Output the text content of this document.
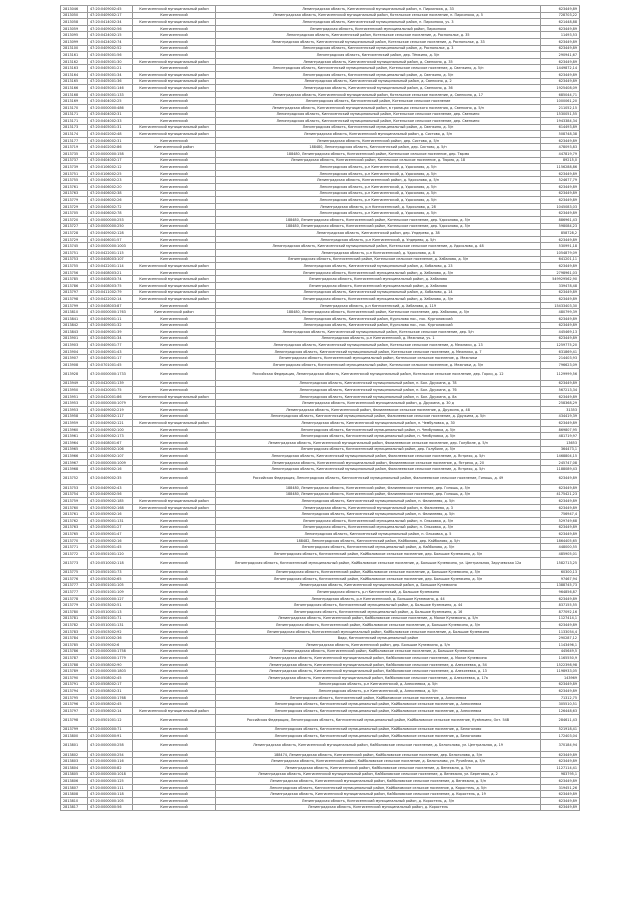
2813046	47:20:0409002:45	Кингисеппский муниципальный район	Ленинградская область, Кингисеппский муниципальный район, п. Пиркиноха, д. 33	623449,89
2813050	47:20:0409002:17	Кингисеппский	Ленинградская область, Кингисеппский муниципальный район, Котельское сельское поселение, п. Пиркиноха, д. 5	728703,22
2813058	47:20:0414002:34	Кингисеппский муниципальный район	Ленинградская область, Кингисеппский муниципальный район, п. Пиркиноха, уч. 3	621448,88
2813059	47:20:0409002:56	Кингисеппский	Ленинградская область, Кингисеппский муниципальный район, Пиркиноха	623449,89
2813095	47:20:0424002:15	Кингисеппский	Ленинградская область, Кингисеппский район, Котельское сельское поселение, д. Раснополье, д. 35	11493,53
2813099	47:20:0424002:74	Кингисеппский	Ленинградская область, Кингисеппский муниципальный район, Котельское сельское поселение, д. Раснополье, д. 33	623449,89
2813100	47:20:0409002:52	Кингисеппский	Ленинградская область, Кингисеппский муниципальный район, д. Раснополье, д. 3	623449,89
2813161	47:20:0405001:56	Кингисеппский	Ленинградская область, Кингисеппский район, дер. Тёмкино, д. 5/п	290941,67
2813162	47:20:0405001:30	Кингисеппский муниципальный район	Ленинградская область, Кингисеппский муниципальный район, д. Свенкино, д. 35	623449,89
2813163	47:20:0405001:21	Кингисеппский	Ленинградская область, Кингисеппский муниципальный район, Котельское сельское поселение, д. Свенкино, д. 5/п	1449872,14
2813164	47:20:0405001:34	Кингисеппский муниципальный район	Ленинградская область, Кингисеппский муниципальный район, д. Свенкино, д. 5/п	623449,89
2813165	47:20:0405001:36	Кингисеппский муниципальный район	Ленинградская область, Кингисеппский муниципальный район, д. Свенкино, д. 2	623449,89
2813166	47:20:0405001:146	Кингисеппский муниципальный район	Ленинградская область, Кингисеппский муниципальный район, д. Свенкино, д. 36	1925408,09
2813168	47:20:0405001:133	Кингисеппский	Ленинградская область, Кингисеппский муниципальный район, Котельское сельское поселение, д. Свенкино, д. 17	685044,71
2813169	47:20:0404002:25	Кингисеппский	Ленинградская область, Кингисеппский район, Котельское сельское поселение	1000061,20
2813170	47:20:0000000:486	Кингисеппский	Ленинградская область, Кингисеппский муниципальный район, в границах сельского поселения, д. Свенкино, д. 5/п	211052,15
2813171	47:20:0404002:31	Кингисеппский	Ленинградская область, Кингисеппский муниципальный район, Котельское сельское поселение, дер. Свенкино	1530051,55
2813171	47:20:0404002:33	Кингисеппский	Ленинградская область, Кингисеппский муниципальный район, Котельское сельское поселение, дер. Свенкино	1943384,34
2813173	47:20:0405001:31	Кингисеппский муниципальный район	Ленинградская область, Кингисеппский муниципальный район, д. Свенкино, д. 5/п	614493,89
2813174	47:20:0402002:48	Кингисеппский муниципальный район	Ленинградская область, Кингисеппский муниципальный район, д. Систово, д. 5/п	508748,38
2813177	47:20:0406002:31	Кингисеппский	Ленинградская область, Кингисеппский район, дер. Систово, д. 5/п	623449,89
2813719	47:20:0402002:86	Кингисеппский район	188480, Ленинградская область, Кингисеппский район, дер. Систово, д. 5/п	478093,83
2813735	47:20:0000000:158	Кингисеппский	188480, Ленинградская область, Кингисеппский район, Котельское сельское поселение, дер. Тюрмо	447819,79
2813737	47:20:0404002:17	Кингисеппский	Ленинградская область, Кингисеппский район, Котельское сельское поселение, д. Тюрмо, д. 18	89215,0
2813739	47:20:0106002:12	Кингисеппский	Ленинградская область, р-н Кингисеппский, д. Удосолово, д. 5/п	1156288,86
2813751	47:20:0106002:25	Кингисеппский	Ленинградская область, р-н Кингисеппский, д. Удосолово, д. 5/п	623449,89
2813755	47:20:0406002:23	Кингисеппский	Ленинградская область, Кингисеппский район, д. Удосолово, д. 5/п	524677,79
2813761	47:20:0406002:20	Кингисеппский	Ленинградская область, р-н Кингисеппский, д. Удосолово, д. 5/п	623449,89
2813763	47:20:0406002:38	Кингисеппский	Ленинградская область, р-н Кингисеппский, д. Удосолово, д. 5/п	623449,89
2813779	47:20:0406002:26	Кингисеппский	Ленинградская область, р-н Кингисеппский, д. Удосолово, д. 5/п	623449,89
2813729	47:20:0406002:72	Кингисеппский	Ленинградская область, р-н Кингисеппский, д. Удосолово, д. 28	1045083,03
2813705	47:20:0406002:78	Кингисеппский	Ленинградская область, р-н Кингисеппский, д. Удосолово, д. 5/п	623449,89
2813720	47:20:0000000:253	Кингисеппский	188480, Ленинградская область, Кингисеппский район, Котельское поселение, дер. Удосолово, д. 5/п	886961,43
2813727	47:20:0000000:250	Кингисеппский	188480, Ленинградская область, Кингисеппский район, Котельское поселение, дер. Удосолово, д. 5/п	598084,23
2813728	47:20:0409002:128	Кингисеппский	Ленинградская область, Кингисеппский район, дер. Ундерево, д. 38	858728,2
2813729	47:20:0406001:57	Кингисеппский	Ленинградская область, р-н Кингисеппский, д. Ундерево, д. 5/п	623449,89
2813745	47:20:0000000:1003	Кингисеппский	Ленинградская область, Кингисеппский муниципальный район, Котельское сельское поселение, д. Удосолово, д. 48	530991,18
2813751	47:20:0422001:115	Кингисеппский	Ленинградская область, р-н Кингисеппский, д. Удосолово, д. 8	1054879,09
2813753	47:20:0408003:107	Кингисеппский	Ленинградская область, Кингисеппский район, Котельское сельское поселение, д. Хабалово, д. 5/п	641201,11
2813755	47:20:0422001:114	Кингисеппский муниципальный район	Ленинградская область, Кингисеппский муниципальный район, д. Хабалово, д. 23	623449,89
2813756	47:20:0408003:21	Кингисеппский	Ленинградская область, Кингисеппский муниципальный район, д. Хабалово, д. 5/п	2798961,03
2813785	47:20:0408003:74	Кингисеппский муниципальный район	Ленинградская область, Кингисеппский муниципальный район, д. Хабалово	549929562,90
2813786	47:20:0408003:75	Кингисеппский муниципальный район	Ленинградская область, Кингисеппский муниципальный район, д. Хабалово	339478,48
2813797	47:20:0411002:79	Кингисеппский муниципальный район	Ленинградская область, Кингисеппский муниципальный район, д. Хабалово, д. 14	623449,89
2813798	47:20:0422002:14	Кингисеппский муниципальный район	Ленинградская область, Кингисеппский муниципальный район, д. Хабалово, д. 5/п	623449,89
2813799	47:20:0408003:87	Кингисеппский	Ленинградская область, р-н Кингисеппский, д. Хабалово, д. 119	15433403,30
2813810	47:20:0000000:1763	Кингисеппский район	188480, Ленинградская область, Кингисеппский район, Котельское поселение, дер. Хабалово, д. 5/п	480799,39
2813841	47:20:0409001:11	Кингисеппский	Ленинградская область, Кингисеппский район, Курголово пос., пос. Курголовский	623449,89
2813842	47:20:0409001:32	Кингисеппский	Ленинградская область, Кингисеппский район, Курголово пос., пос. Курголовский	623449,89
2813843	47:20:0409001:39	Кингисеппский	Ленинградская область, Кингисеппский муниципальный район, Котельское сельское поселение, дер. 5/п	445469,13
2813901	47:20:0409001:34	Кингисеппский	Ленинградская область, р-н Кингисеппский, д. Межники, уч. 1	623449,89
2813903	47:20:0409001:77	Кингисеппский	Ленинградская область, Кингисеппский муниципальный район, Котельское сельское поселение, д. Межники, д. 13	1259775,20
2813904	47:20:0409001:43	Кингисеппский	Ленинградская область, Кингисеппский муниципальный район, Котельское сельское поселение, д. Межники, д. 7	631869,41
2813907	47:20:0409001:17	Кингисеппский	Ленинградская область, Кингисеппский муниципальный район, Котельское сельское поселение, д. Межники	214403,93
2813908	47:20:0701001:45	Кингисеппский	Ленинградская область, Кингисеппский муниципальный район, Котельское сельское поселение, д. Межники, д. 5/п	796623,09
2813928	47:20:0000000:1733	Кингисеппский	Российская Федерация, Ленинградская область, Кингисеппский муниципальный район, Котельское сельское поселение, дер. Горки, д. 12	1129999,56
2813949	47:20:0420001:139	Кингисеппский	Ленинградская область, Кингисеппский муниципальный район, п. Бол. Дружина, д. 78	623449,89
2813950	47:20:0420001:75	Кингисеппский	Ленинградская область, Кингисеппский муниципальный район, п. Бол. Дружина, д. 7б	567213,34
2813951	47:20:0420001:86	Кингисеппский муниципальный район	Ленинградская область, Кингисеппский муниципальный район, п. Бол. Дружина, д. 8а	623449,89
2813953	47:20:0000000:1079	Кингисеппский	Ленинградская область, Кингисеппский муниципальный район, д. Дружина, д. 30 д	258368,29
2813953	47:20:0409002:219	Кингисеппский	Ленинградская область, Кингисеппский район, Фалилеевское сельское поселение, д. Дружина, д. 48	31353
2813958	47:20:0409002:117	Кингисеппский	Ленинградская область, Кингисеппский муниципальный район, Фалилеевское сельское поселение, д. Дружина, д. 5/п	434419,39
2813959	47:20:0409002:121	Кингисеппский муниципальный район	Ленинградская область, Кингисеппский муниципальный район, п. Чембуловка, д. 30	623449,89
2813960	47:20:0409002:100	Кингисеппский	Ленинградская область, Кингисеппский муниципальный район, п. Чембуловка, д. 5/п	869807,95
2813961	47:20:0409002:173	Кингисеппский	Ленинградская область, Кингисеппский муниципальный район, п. Чембуловка, д. 5/п	481719,97
2813964	47:20:0408001:67	Кингисеппский	Ленинградская область, Кингисеппский муниципальный район, Фалилеевское сельское поселение, дер. Голубиле, д. 5/п	13653
2813965	47:20:0409002:106	Кингисеппский	Ленинградская область, Кингисеппский муниципальный район, дер. Голубиле, д. 5/п	364473,1
2813966	47:20:0409002:107	Кингисеппский	Ленинградская область, Кингисеппский муниципальный район, Фалилеевское сельское поселение, д. Ястрехо, д. 5/п	1468804,15
2813967	47:20:0000000:1009	Кингисеппский	Ленинградская область, Кингисеппский муниципальный район, Фалилеевское сельское поселение, д. Ястрехо, д. 20	245747,08
2813968	47:20:0409002:16	Кингисеппский	Ленинградская область, Кингисеппский муниципальный район, Фалилеевское сельское поселение, д. Ястрехо, д. 5/п	1188089,43
2813752	47:20:0409002:35	Кингисеппский	Российская Федерация, Ленинградская область, Кингисеппский муниципальный район, Фалилеевское сельское поселение, Гипошь, д. 49	623449,89
2813753	47:20:0409002:43	Кингисеппский	188480, Ленинградская область, Кингисеппский район, Фалилеевское поселение, дер. Гипошь, д. 5/п	623449,89
2813754	47:20:0409002:56	Кингисеппский	188480, Ленинградская область, Кингисеппский район, Фалилеевское поселение, дер. Гипошь, д. 5/п	4175421,23
2813759	47:20:0509002:185	Кингисеппский муниципальный район	Ленинградская область, Кингисеппский муниципальный район, п. Фалилеево, д. 5/п	623449,89
2813760	47:20:0509002:168	Кингисеппский муниципальный район	Ленинградская область, Кингисеппский муниципальный район, п. Фалилеево, д. 3	623449,89
2813761	47:20:0509002:16	Кингисеппский	Ленинградская область, Кингисеппский муниципальный район, п. Фалилеево, д. 5/п	756947,4
2813762	47:20:0509001:131	Кингисеппский	Ленинградская область, Кингисеппский муниципальный район, п. Ольховка, д. 5/п	529749,68
2813763	47:20:0509001:27	Кингисеппский	Ленинградская область, Кингисеппский муниципальный район, п. Ольховка, д. 5/п	623449,89
2813765	47:20:0509001:47	Кингисеппский	Ленинградская область, Кингисеппский муниципальный район, п. Ольховка, д. 5	623449,89
2813770	47:20:0509002:16	Кингисеппский	188482, Ленинградская область, Кингисеппский район, Кайболово, дер. Кайболово, д. 5/п	1864405,65
2813771	47:20:0509001:45	Кингисеппский	Ленинградская область, Кингисеппский муниципальный район, д. Кайболово, д. 5/п	448000,55
2813772	47:20:0501001:120	Кингисеппский	Ленинградская область, Кингисеппский район, Кайболовское сельское поселение, дер. Большое Куземкино, д. 5/п	485905,01
2813773	47:20:0510002:118	Кингисеппский	Ленинградская область, Кингисеппский муниципальный район, Кайболовское сельское поселение, д. Большое Куземкино, ул. Центральная, Заручевская 12а	1582713,25
2813775	47:20:0501001:73	Кингисеппский	Ленинградская область, Кингисеппский район, Кайболовское сельское поселение, д. Большое Куземкино, д. 5/п	60300,13
2813776	47:20:0503002:65	Кингисеппский	Ленинградская область, Кингисеппский район, Кайболовское сельское поселение, дер. Большое Куземкино, д. 5/п	97467,94
2813777	47:20:0501001:105	Кингисеппский	Ленинградская область, Кингисеппский муниципальный район, д. Большое Куземкино	1388745,73
2813777	47:20:0501001:109	Кингисеппский	Ленинградская область, р-н Кингисеппский, д. Большое Куземкино	964856,87
2813778	47:20:0000000:127	Кингисеппский	Ленинградская область, р-н Кингисеппский, д. Большое Куземкино, д. 44	623449,89
2813779	47:20:0503002:51	Кингисеппский	Ленинградская область, Кингисеппский муниципальный район, д. Большое Куземкино, д. 44	837155,55
2813780	47:20:0510001:13	Кингисеппский	Ленинградская область, Кингисеппский муниципальный район, д. Большое Куземкино, д. 16	877092,16
2813781	47:20:0501001:71	Кингисеппский	Ленинградская область, Кингисеппский район, Кайболовское сельское поселение, д. Малое Куземкино, д. 5/п	1127414,1
2813782	47:20:0510001:131	Кингисеппский	Ленинградская область, Кингисеппский район, Кайболовское сельское поселение, д. Большое Куземкино, д. 5/п	623449,89
2813783	47:20:0503002:92	Кингисеппский	Ленинградская область, Кингисеппский муниципальный район, Кайболовское сельское поселение, д. Большое Куземкино	1133054,4
2813784	47:20:0510002:36	Кингисеппский	Вадо, Кингисеппский муниципальный район	290287,12
2813785	47:20:0509002:6	Кингисеппский	Ленинградская область, Кингисеппский район, дер. Большое Куземкино, д. 5/п	1143496,1
2813786	47:20:0000000:1758	Кингисеппский	Ленинградская область, Кингисеппский район, Кайболовское сельское поселение, д. Большое Куземкино	445649,5
2813787	47:20:0000000:1779	Кингисеппский	Ленинградская область, Кингисеппский муниципальный район, Кайболовское сельское поселение, д. Малое Куземкино	1165550,9
2813788	47:20:0508002:90	Кингисеппский	Ленинградская область, Кингисеппский муниципальный район, Кайболовское сельское поселение, д. Алексеевка, д. 54	1522398,98
2813789	47:20:0000000:1803	Кингисеппский	Ленинградская область, Кингисеппский муниципальный район, Кайболовское сельское поселение, д. Алексеевка, д. 13	1198933,05
2813790	47:20:0508002:45	Кингисеппский	Ленинградская область, Кингисеппский муниципальный район, Кайболовское сельское поселение, д. Алексеевка, д. 17а	143969
2813791	47:20:0508002:17	Кингисеппский	Ленинградская область, р-н Кингисеппский, д. Алексеевка, д. 5/п	623449,89
2813794	47:20:0508002:31	Кингисеппский	Ленинградская область, р-н Кингисеппский, д. Алексеевка, д. 5/п	623449,89
2813795	47:20:0000000:1768	Кингисеппский	Ленинградская область, Кингисеппский район, Кайболовское сельское поселение, д. Алексеевка	71312,75
2813796	47:20:0508002:45	Кингисеппский	Ленинградская область, Кингисеппский муниципальный район, Кайболовское сельское поселение, д. Алексеевка	305510,51
2813797	47:20:0506002:14	Кингисеппский муниципальный район	Ленинградская область, Кингисеппский муниципальный район, Кайболовское сельское поселение, д. Алексеевка	126448,63
2813798	47:20:0501001:12	Кингисеппский	Российская Федерация, Ленинградская область, Кингисеппский муниципальный район, Кайболовское сельское поселение, Кузёмкино, Окт. 54В	284611,43
2813799	47:20:0000000:71	Кингисеппский	Ленинградская область, Кингисеппский муниципальный район, Кайболовское сельское поселение, д. Белоголово	521918,41
2813800	47:20:0000000:91	Кингисеппский	Ленинградская область, Кингисеппский муниципальный район, Кайболовское сельское поселение, д. Белоголово	172403,04
2813801	47:20:0000000:258	Кингисеппский	Ленинградская область, Кингисеппский муниципальный район, Кайболовское сельское поселение, д. Белоголово, ул. Центральная, д. 19	370184,94
2813802	47:20:0000000:254	Кингисеппский	188474, Ленинградская область, Кингисеппский район, Кайболовское сельское поселение, дер. Белоголово, д. 5/п	623449,89
2813803	47:20:0000000:116	Кингисеппский	Ленинградская область, Кингисеппский район, Кайболовское сельское поселение, д. Белоголово, ул. Ручейная, д. 5/п	623449,89
2813804	47:20:0000000:82	Кингисеппский	Ленинградская область, Кингисеппский район, Кайболовское сельское поселение, д. Венекюля, д. 5/п	1127114,41
2813805	47:20:0000000:1018	Кингисеппский	Ленинградская область, Кингисеппский муниципальный район, Кайболовское сельское поселение, д. Венекюля, ул. Береговая, д. 2	983795,1
2813806	47:20:0000000:125	Кингисеппский	Ленинградская область, Кингисеппский муниципальный район, Кайболовское сельское поселение, д. Венекюля, д. 5/п	623449,89
2813807	47:20:0000000:111	Кингисеппский	Ленинградская область, Кингисеппский муниципальный район, Кайболовское сельское поселение, д. Коростель, д. 5/п	319451,26
2813808	47:20:0000000:118	Кингисеппский	Ленинградская область, Кингисеппский муниципальный район, Кайболовское сельское поселение, д. Коростель, д. 19	623449,89
2813810	47:20:0000000:105	Кингисеппский	Ленинградская область, Кингисеппский муниципальный район, д. Коростель, д. 5/п	623449,89
2813817	47:20:0000000:56	Кингисеппский	Ленинградская область, Кингисеппский муниципальный район, д. Коростель	623449,89
